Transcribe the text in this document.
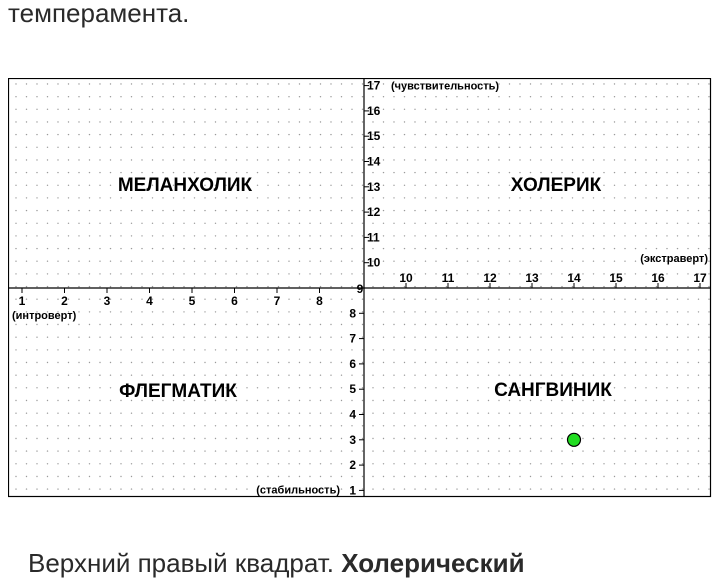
темперамента.
1	2	3	4	5	6	7	8
10 11 12 13 14 15 16 17
9
10
11
12
13
14
15
16
17
1
2
3
4
5
6
7
8
(чувствительность)
(стабильность)
(экстраверт)
(интроверт)
МЕЛАНХОЛИК	ХОЛЕРИК
ФЛЕГМАТИК	САНГВИНИК
Верхний правый квадрат. Холерический
